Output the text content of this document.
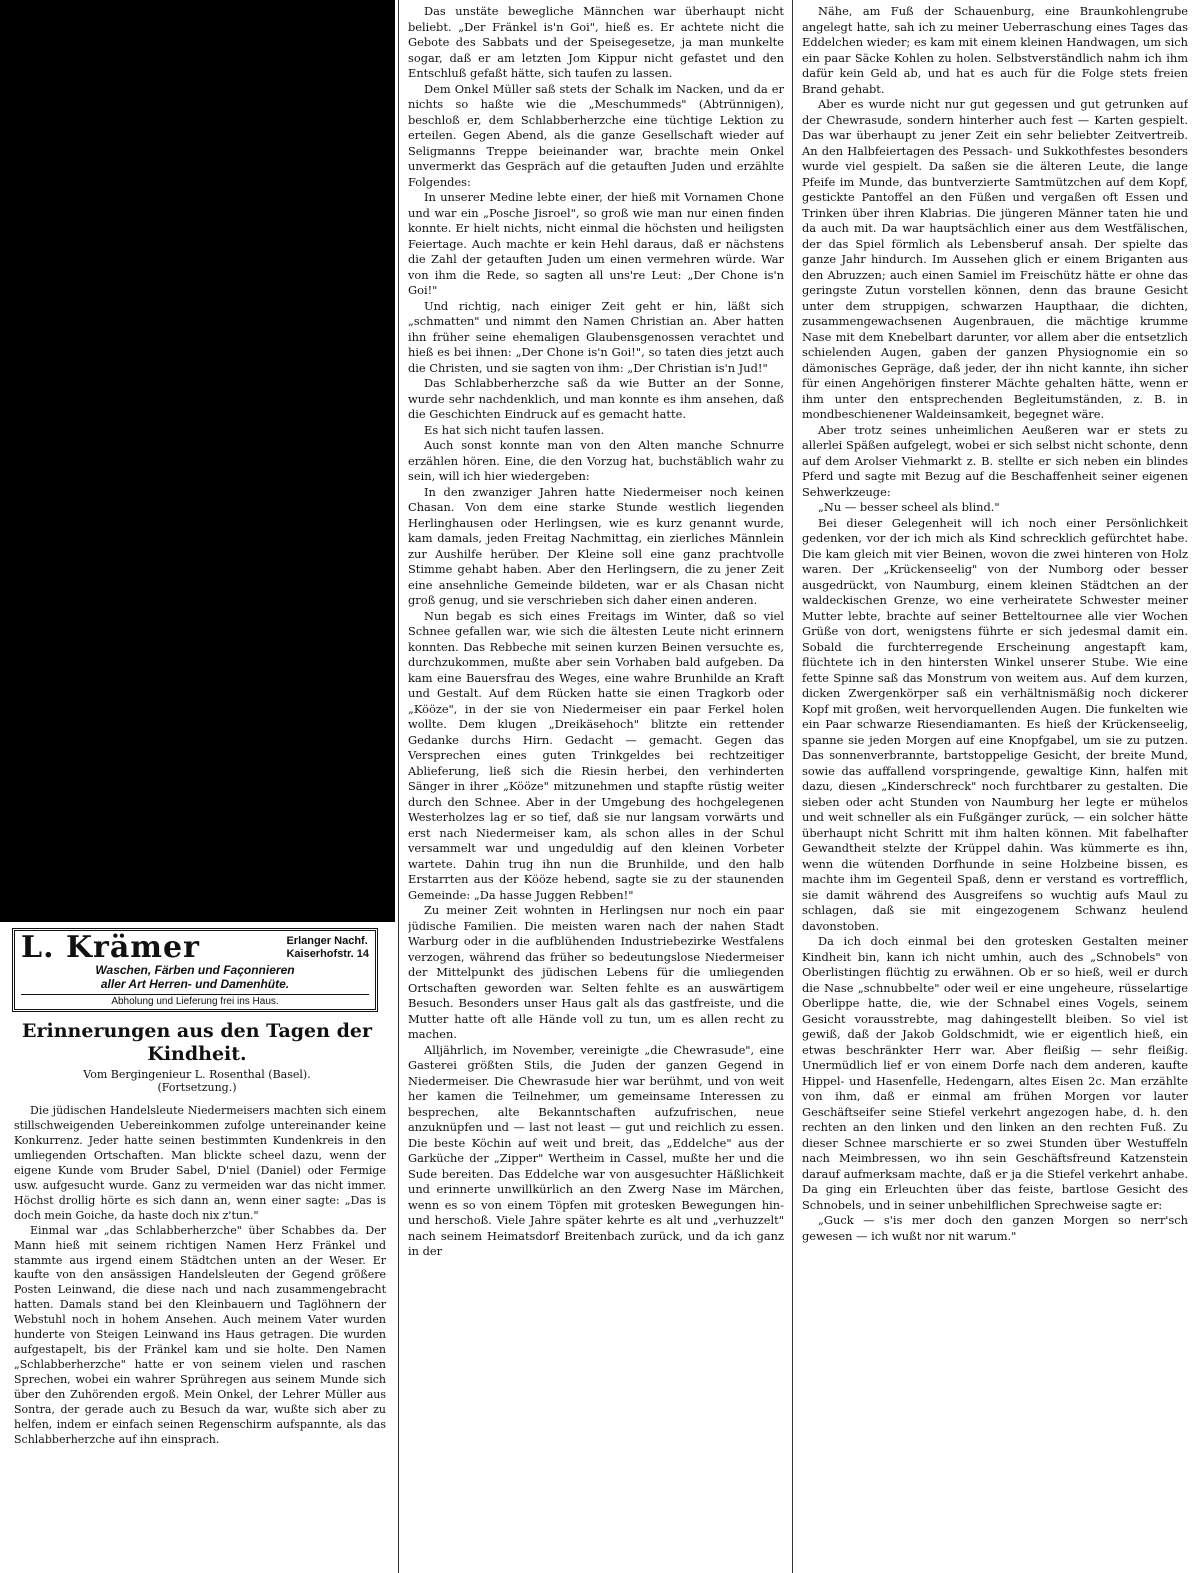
L. Krämer	Erlanger Nachf.
Kaiserhofstr. 14
Waschen, Färben und Façonnieren
aller Art Herren- und Damenhüte.
Abholung und Lieferung frei ins Haus.

Erinnerungen aus den Tagen der Kindheit.

Vom Bergingenieur L. Rosenthal (Basel).

(Fortsetzung.)

Die jüdischen Handelsleute Niedermeisers machten sich einem stillschweigenden Uebereinkommen zufolge untereinander keine Konkurrenz. Jeder hatte seinen bestimmten Kundenkreis in den umliegenden Ortschaften. Man blickte scheel dazu, wenn der eigene Kunde vom Bruder Sabel, D'niel (Daniel) oder Fermige usw. aufgesucht wurde. Ganz zu vermeiden war das nicht immer. Höchst drollig hörte es sich dann an, wenn einer sagte: „Das is doch mein Goiche, da haste doch nix z'tun."

Einmal war „das Schlabberherzche" über Schabbes da. Der Mann hieß mit seinem richtigen Namen Herz Fränkel und stammte aus irgend einem Städtchen unten an der Weser. Er kaufte von den ansässigen Handelsleuten der Gegend größere Posten Leinwand, die diese nach und nach zusammengebracht hatten. Damals stand bei den Kleinbauern und Taglöhnern der Webstuhl noch in hohem Ansehen. Auch meinem Vater wurden hunderte von Steigen Leinwand ins Haus getragen. Die wurden aufgestapelt, bis der Fränkel kam und sie holte. Den Namen „Schlabberherzche" hatte er von seinem vielen und raschen Sprechen, wobei ein wahrer Sprühregen aus seinem Munde sich über den Zuhörenden ergoß. Mein Onkel, der Lehrer Müller aus Sontra, der gerade auch zu Besuch da war, wußte sich aber zu helfen, indem er einfach seinen Regenschirm aufspannte, als das Schlabberherzche auf ihn einsprach.

Das unstäte bewegliche Männchen war überhaupt nicht beliebt. „Der Fränkel is'n Goi", hieß es. Er achtete nicht die Gebote des Sabbats und der Speisegesetze, ja man munkelte sogar, daß er am letzten Jom Kippur nicht gefastet und den Entschluß gefaßt hätte, sich taufen zu lassen.

Dem Onkel Müller saß stets der Schalk im Nacken, und da er nichts so haßte wie die „Meschummeds" (Abtrünnigen), beschloß er, dem Schlabberherzche eine tüchtige Lektion zu erteilen. Gegen Abend, als die ganze Gesellschaft wieder auf Seligmanns Treppe beieinander war, brachte mein Onkel unvermerkt das Gespräch auf die getauften Juden und erzählte Folgendes:

In unserer Medine lebte einer, der hieß mit Vornamen Chone und war ein „Posche Jisroel", so groß wie man nur einen finden konnte. Er hielt nichts, nicht einmal die höchsten und heiligsten Feiertage. Auch machte er kein Hehl daraus, daß er nächstens die Zahl der getauften Juden um einen vermehren würde. War von ihm die Rede, so sagten all uns're Leut: „Der Chone is'n Goi!"

Und richtig, nach einiger Zeit geht er hin, läßt sich „schmatten" und nimmt den Namen Christian an. Aber hatten ihn früher seine ehemaligen Glaubensgenossen verachtet und hieß es bei ihnen: „Der Chone is'n Goi!", so taten dies jetzt auch die Christen, und sie sagten von ihm: „Der Christian is'n Jud!"

Das Schlabberherzche saß da wie Butter an der Sonne, wurde sehr nachdenklich, und man konnte es ihm ansehen, daß die Geschichten Eindruck auf es gemacht hatte.

Es hat sich nicht taufen lassen.

Auch sonst konnte man von den Alten manche Schnurre erzählen hören. Eine, die den Vorzug hat, buchstäblich wahr zu sein, will ich hier wiedergeben:

In den zwanziger Jahren hatte Niedermeiser noch keinen Chasan. Von dem eine starke Stunde westlich liegenden Herlinghausen oder Herlingsen, wie es kurz genannt wurde, kam damals, jeden Freitag Nachmittag, ein zierliches Männlein zur Aushilfe herüber. Der Kleine soll eine ganz prachtvolle Stimme gehabt haben. Aber den Herlingsern, die zu jener Zeit eine ansehnliche Gemeinde bildeten, war er als Chasan nicht groß genug, und sie verschrieben sich daher einen anderen.

Nun begab es sich eines Freitags im Winter, daß so viel Schnee gefallen war, wie sich die ältesten Leute nicht erinnern konnten. Das Rebbeche mit seinen kurzen Beinen versuchte es, durchzukommen, mußte aber sein Vorhaben bald aufgeben. Da kam eine Bauersfrau des Weges, eine wahre Brunhilde an Kraft und Gestalt. Auf dem Rücken hatte sie einen Tragkorb oder „Kööze", in der sie von Niedermeiser ein paar Ferkel holen wollte. Dem klugen „Dreikäsehoch" blitzte ein rettender Gedanke durchs Hirn. Gedacht — gemacht. Gegen das Versprechen eines guten Trinkgeldes bei rechtzeitiger Ablieferung, ließ sich die Riesin herbei, den verhinderten Sänger in ihrer „Kööze" mitzunehmen und stapfte rüstig weiter durch den Schnee. Aber in der Umgebung des hochgelegenen Westerholzes lag er so tief, daß sie nur langsam vorwärts und erst nach Niedermeiser kam, als schon alles in der Schul versammelt war und ungeduldig auf den kleinen Vorbeter wartete. Dahin trug ihn nun die Brunhilde, und den halb Erstarrten aus der Kööze hebend, sagte sie zu der staunenden Gemeinde: „Da hasse Juggen Rebben!"

Zu meiner Zeit wohnten in Herlingsen nur noch ein paar jüdische Familien. Die meisten waren nach der nahen Stadt Warburg oder in die aufblühenden Industriebezirke Westfalens verzogen, während das früher so bedeutungslose Niedermeiser der Mittelpunkt des jüdischen Lebens für die umliegenden Ortschaften geworden war. Selten fehlte es an auswärtigem Besuch. Besonders unser Haus galt als das gastfreiste, und die Mutter hatte oft alle Hände voll zu tun, um es allen recht zu machen.

Alljährlich, im November, vereinigte „die Chewrasude", eine Gasterei größten Stils, die Juden der ganzen Gegend in Niedermeiser. Die Chewrasude hier war berühmt, und von weit her kamen die Teilnehmer, um gemeinsame Interessen zu besprechen, alte Bekanntschaften aufzufrischen, neue anzuknüpfen und — last not least — gut und reichlich zu essen. Die beste Köchin auf weit und breit, das „Eddelche" aus der Garküche der „Zipper" Wertheim in Cassel, mußte her und die Sude bereiten. Das Eddelche war von ausgesuchter Häßlichkeit und erinnerte unwillkürlich an den Zwerg Nase im Märchen, wenn es so von einem Töpfen mit grotesken Bewegungen hin- und herschoß. Viele Jahre später kehrte es alt und „verhuzzelt" nach seinem Heimatsdorf Breitenbach zurück, und da ich ganz in der

Nähe, am Fuß der Schauenburg, eine Braunkohlengrube angelegt hatte, sah ich zu meiner Ueberraschung eines Tages das Eddelchen wieder; es kam mit einem kleinen Handwagen, um sich ein paar Säcke Kohlen zu holen. Selbstverständlich nahm ich ihm dafür kein Geld ab, und hat es auch für die Folge stets freien Brand gehabt.

Aber es wurde nicht nur gut gegessen und gut getrunken auf der Chewrasude, sondern hinterher auch fest — Karten gespielt. Das war überhaupt zu jener Zeit ein sehr beliebter Zeitvertreib. An den Halbfeiertagen des Pessach- und Sukkothfestes besonders wurde viel gespielt. Da saßen sie die älteren Leute, die lange Pfeife im Munde, das buntverzierte Samtmützchen auf dem Kopf, gestickte Pantoffel an den Füßen und vergaßen oft Essen und Trinken über ihren Klabrias. Die jüngeren Männer taten hie und da auch mit. Da war hauptsächlich einer aus dem Westfälischen, der das Spiel förmlich als Lebensberuf ansah. Der spielte das ganze Jahr hindurch. Im Aussehen glich er einem Briganten aus den Abruzzen; auch einen Samiel im Freischütz hätte er ohne das geringste Zutun vorstellen können, denn das braune Gesicht unter dem struppigen, schwarzen Haupthaar, die dichten, zusammengewachsenen Augenbrauen, die mächtige krumme Nase mit dem Knebelbart darunter, vor allem aber die entsetzlich schielenden Augen, gaben der ganzen Physiognomie ein so dämonisches Gepräge, daß jeder, der ihn nicht kannte, ihn sicher für einen Angehörigen finsterer Mächte gehalten hätte, wenn er ihm unter den entsprechenden Begleitumständen, z. B. in mondbeschienener Waldeinsamkeit, begegnet wäre.

Aber trotz seines unheimlichen Aeußeren war er stets zu allerlei Späßen aufgelegt, wobei er sich selbst nicht schonte, denn auf dem Arolser Viehmarkt z. B. stellte er sich neben ein blindes Pferd und sagte mit Bezug auf die Beschaffenheit seiner eigenen Sehwerkzeuge:

„Nu — besser scheel als blind."

Bei dieser Gelegenheit will ich noch einer Persönlichkeit gedenken, vor der ich mich als Kind schrecklich gefürchtet habe. Die kam gleich mit vier Beinen, wovon die zwei hinteren von Holz waren. Der „Krückenseelig" von der Numborg oder besser ausgedrückt, von Naumburg, einem kleinen Städtchen an der waldeckischen Grenze, wo eine verheiratete Schwester meiner Mutter lebte, brachte auf seiner Betteltournee alle vier Wochen Grüße von dort, wenigstens führte er sich jedesmal damit ein. Sobald die furchterregende Erscheinung angestapft kam, flüchtete ich in den hintersten Winkel unserer Stube. Wie eine fette Spinne saß das Monstrum von weitem aus. Auf dem kurzen, dicken Zwergenkörper saß ein verhältnismäßig noch dickerer Kopf mit großen, weit hervorquellenden Augen. Die funkelten wie ein Paar schwarze Riesendiamanten. Es hieß der Krückenseelig, spanne sie jeden Morgen auf eine Knopfgabel, um sie zu putzen. Das sonnenverbrannte, bartstoppelige Gesicht, der breite Mund, sowie das auffallend vorspringende, gewaltige Kinn, halfen mit dazu, diesen „Kinderschreck" noch furchtbarer zu gestalten. Die sieben oder acht Stunden von Naumburg her legte er mühelos und weit schneller als ein Fußgänger zurück, — ein solcher hätte überhaupt nicht Schritt mit ihm halten können. Mit fabelhafter Gewandtheit stelzte der Krüppel dahin. Was kümmerte es ihn, wenn die wütenden Dorfhunde in seine Holzbeine bissen, es machte ihm im Gegenteil Spaß, denn er verstand es vortrefflich, sie damit während des Ausgreifens so wuchtig aufs Maul zu schlagen, daß sie mit eingezogenem Schwanz heulend davonstoben.

Da ich doch einmal bei den grotesken Gestalten meiner Kindheit bin, kann ich nicht umhin, auch des „Schnobels" von Oberlistingen flüchtig zu erwähnen. Ob er so hieß, weil er durch die Nase „schnubbelte" oder weil er eine ungeheure, rüsselartige Oberlippe hatte, die, wie der Schnabel eines Vogels, seinem Gesicht vorausstrebte, mag dahingestellt bleiben. So viel ist gewiß, daß der Jakob Goldschmidt, wie er eigentlich hieß, ein etwas beschränkter Herr war. Aber fleißig — sehr fleißig. Unermüdlich lief er von einem Dorfe nach dem anderen, kaufte Hippel- und Hasenfelle, Hedengarn, altes Eisen 2c. Man erzählte von ihm, daß er einmal am frühen Morgen vor lauter Geschäftseifer seine Stiefel verkehrt angezogen habe, d. h. den rechten an den linken und den linken an den rechten Fuß. Zu dieser Schnee marschierte er so zwei Stunden über Westuffeln nach Meimbressen, wo ihn sein Geschäftsfreund Katzenstein darauf aufmerksam machte, daß er ja die Stiefel verkehrt anhabe. Da ging ein Erleuchten über das feiste, bartlose Gesicht des Schnobels, und in seiner unbehilflichen Sprechweise sagte er:

„Guck — s'is mer doch den ganzen Morgen so nerr'sch gewesen — ich wußt nor nit warum."
